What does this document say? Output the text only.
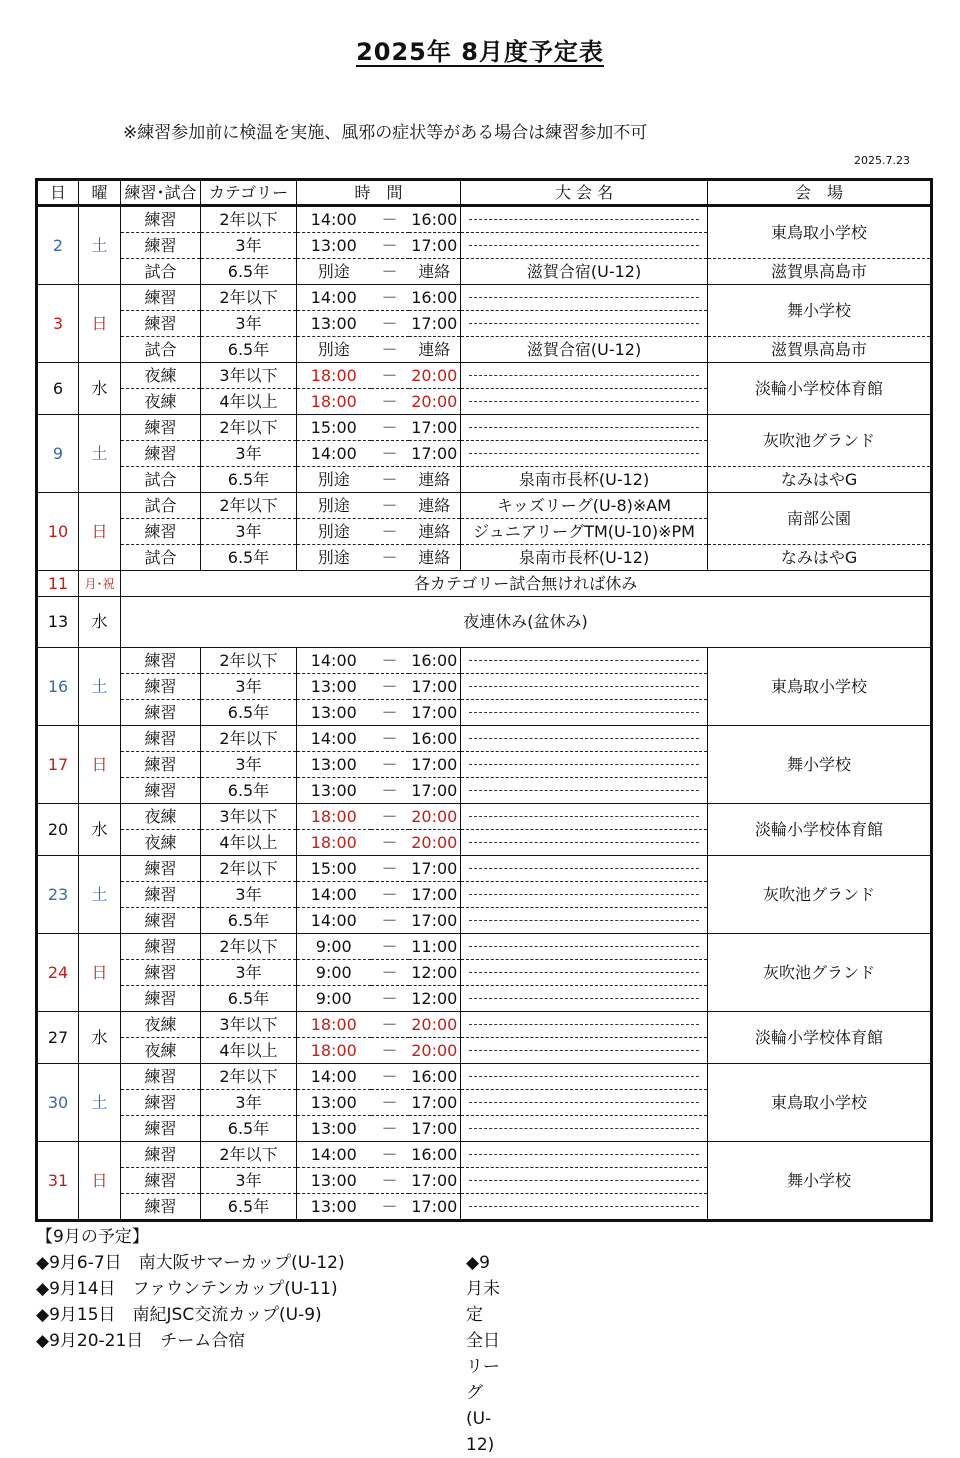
2025年 8月度予定表
※練習参加前に検温を実施、風邪の症状等がある場合は練習参加不可
2025.7.23
日	曜	練習･試合	カテゴリー	時　間			大 会 名	会　場
2	土	練習	2年以下	14:00	－	16:00		東鳥取小学校
		練習	3年	13:00	－	17:00		

		試合	6.5年	別途	－	連絡	滋賀合宿(U-12)	滋賀県高島市
3	日	練習	2年以下	14:00	－	16:00		舞小学校
		練習	3年	13:00	－	17:00		

		試合	6.5年	別途	－	連絡	滋賀合宿(U-12)	滋賀県高島市
6	水	夜練	3年以下	18:00	－	20:00		淡輪小学校体育館
		夜練	4年以上	18:00	－	20:00		

9	土	練習	2年以下	15:00	－	17:00		灰吹池グランド
		練習	3年	14:00	－	17:00		

		試合	6.5年	別途	－	連絡	泉南市長杯(U-12)	なみはやG
10	日	試合	2年以下	別途	－	連絡	キッズリーグ(U-8)※AM	南部公園
		練習	3年	別途	－	連絡	ジュニアリーグTM(U-10)※PM	
		試合	6.5年	別途	－	連絡	泉南市長杯(U-12)	なみはやG
11	月･祝	各カテゴリー試合無ければ休み						
13	水	夜連休み(盆休み)						
16	土	練習	2年以下	14:00	－	16:00		東鳥取小学校
		練習	3年	13:00	－	17:00		

		練習	6.5年	13:00	－	17:00		

17	日	練習	2年以下	14:00	－	16:00		舞小学校
		練習	3年	13:00	－	17:00		

		練習	6.5年	13:00	－	17:00		

20	水	夜練	3年以下	18:00	－	20:00		淡輪小学校体育館
		夜練	4年以上	18:00	－	20:00		

23	土	練習	2年以下	15:00	－	17:00		灰吹池グランド
		練習	3年	14:00	－	17:00		

		練習	6.5年	14:00	－	17:00		

24	日	練習	2年以下	9:00	－	11:00		灰吹池グランド
		練習	3年	9:00	－	12:00		

		練習	6.5年	9:00	－	12:00		

27	水	夜練	3年以下	18:00	－	20:00		淡輪小学校体育館
		夜練	4年以上	18:00	－	20:00		

30	土	練習	2年以下	14:00	－	16:00		東鳥取小学校
		練習	3年	13:00	－	17:00		

		練習	6.5年	13:00	－	17:00		

31	日	練習	2年以下	14:00	－	16:00		舞小学校
		練習	3年	13:00	－	17:00		

		練習	6.5年	13:00	－	17:00		
【9月の予定】
◆9月6-7日　南大阪サマーカップ(U-12)
◆9月14日　ファウンテンカップ(U-11)
◆9月15日　南紀JSC交流カップ(U-9)
◆9月20-21日　チーム合宿
◆9月未定　全日リーグ(U-12)
